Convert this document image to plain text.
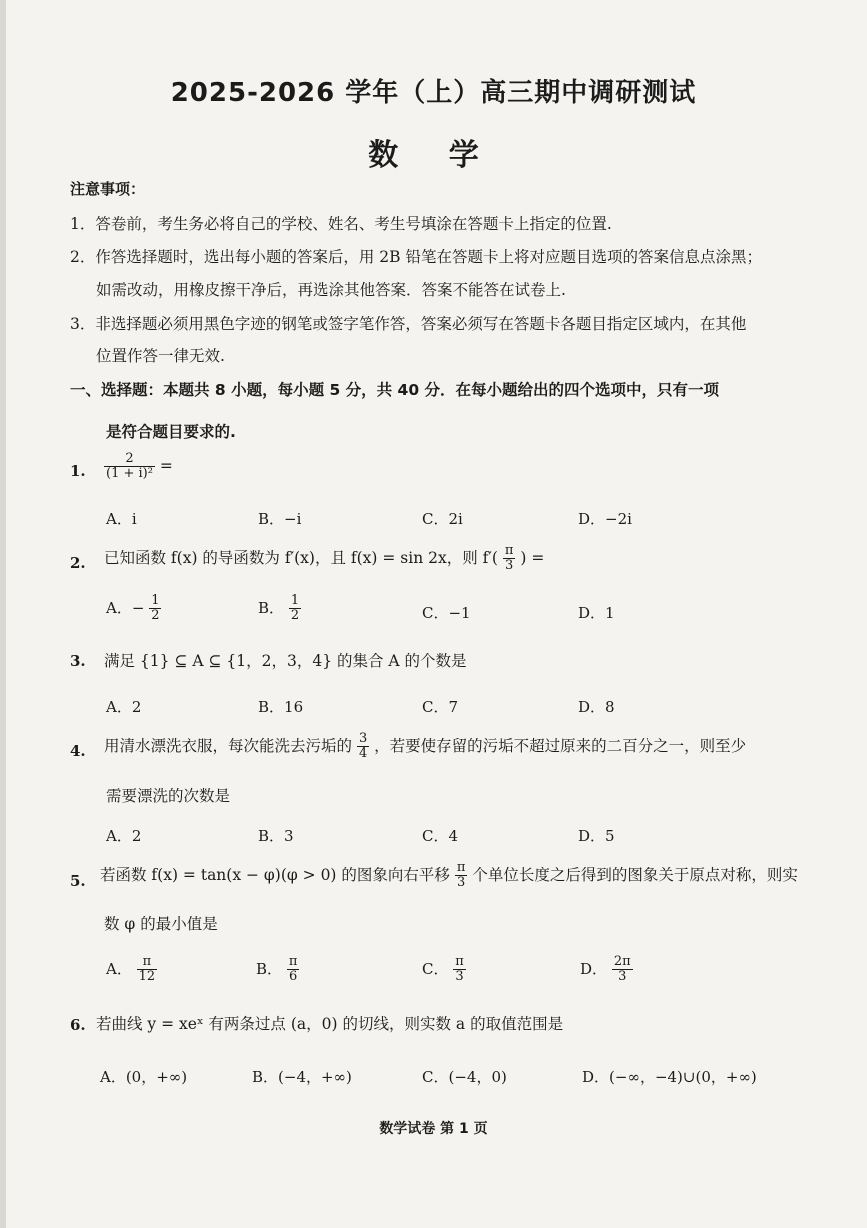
2025-2026 学年（上）高三期中调研测试
数 学
注意事项：
1．答卷前，考生务必将自己的学校、姓名、考生号填涂在答题卡上指定的位置.
2．作答选择题时，选出每小题的答案后，用 2B 铅笔在答题卡上将对应题目选项的答案信息点涂黑；
如需改动，用橡皮擦干净后，再选涂其他答案．答案不能答在试卷上.
3．非选择题必须用黑色字迹的钢笔或签字笔作答，答案必须写在答题卡各题目指定区域内，在其他
位置作答一律无效.
一、选择题：本题共 8 小题，每小题 5 分，共 40 分．在每小题给出的四个选项中，只有一项
是符合题目要求的.
1. $\frac{2}{\text{(1 + i)²}}$ =
A．i	B．−i	C．2i	D．−2i
2. 已知函数 f(x) 的导函数为 f′(x)，且 f(x) = sin 2x，则 $f'( \frac{\pi}{3}$ ) =
A．− $\frac{1}{2}$	B． $\frac{1}{2}$	C．−1	D．1
3. 满足 {1} ⊆ A ⊆ {1，2，3，4} 的集合 A 的个数是
A．2	B．16	C．7	D．8
4. 用清水漂洗衣服，每次能洗去污垢的 $\frac{3}{4}$ ，若要使存留的污垢不超过原来的二百分之一，则至少
需要漂洗的次数是
A．2	B．3	C．4	D．5
5. 若函数 f(x) = tan(x − φ)(φ > 0) 的图象向右平移 $\frac{\pi}{3}$ 个单位长度之后得到的图象关于原点对称，则实
数 φ 的最小值是
A． $\frac{\pi}{12}$	B． $\frac{\pi}{6}$	C． $\frac{\pi}{3}$	D． $\frac{2\pi}{3}$
6. 若曲线 y = xeˣ 有两条过点 (a，0) 的切线，则实数 a 的取值范围是
A．(0，+∞)	B．(−4，+∞)	C．(−4，0)	D．(−∞，−4)∪(0，+∞)
数学试卷 第 1 页
